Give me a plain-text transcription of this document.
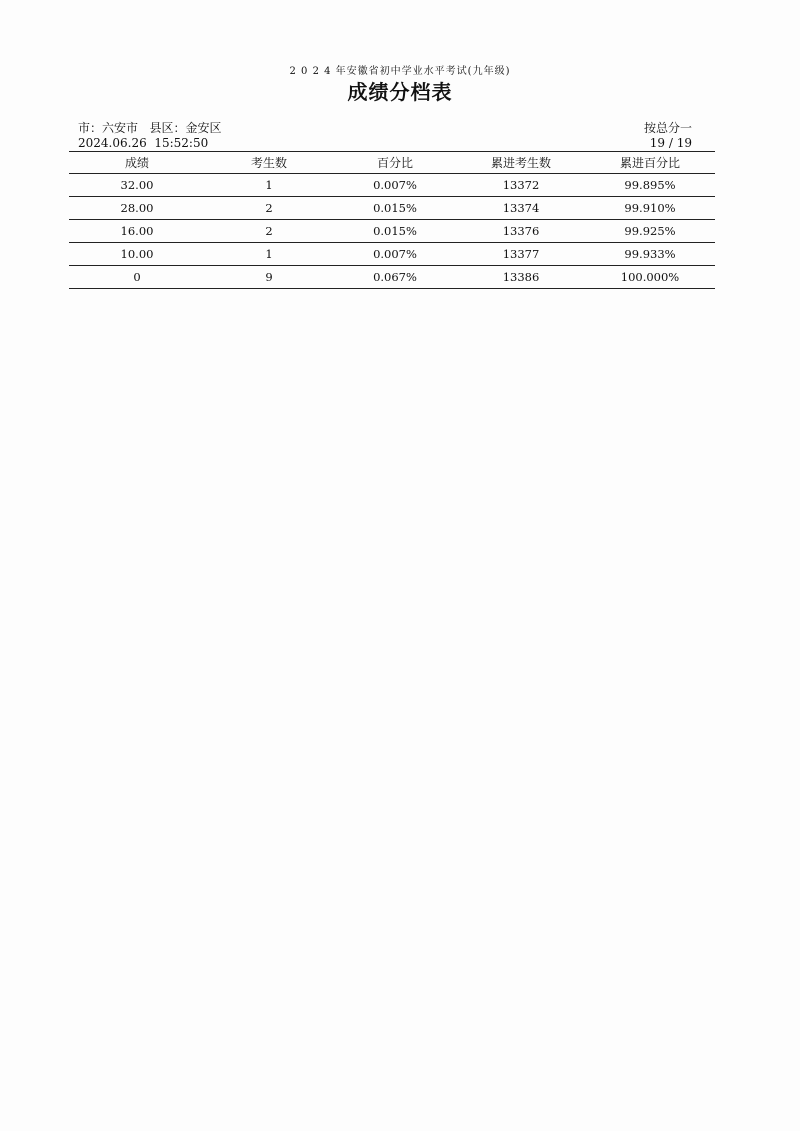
2 0 2 4 年安徽省初中学业水平考试(九年级)
成绩分档表
市：六安市   县区：金安区
2024.06.26  15:52:50
按总分一
19 / 19
成绩	考生数	百分比	累进考生数	累进百分比
32.00	1	0.007%	13372	99.895%
28.00	2	0.015%	13374	99.910%
16.00	2	0.015%	13376	99.925%
10.00	1	0.007%	13377	99.933%
0	9	0.067%	13386	100.000%
